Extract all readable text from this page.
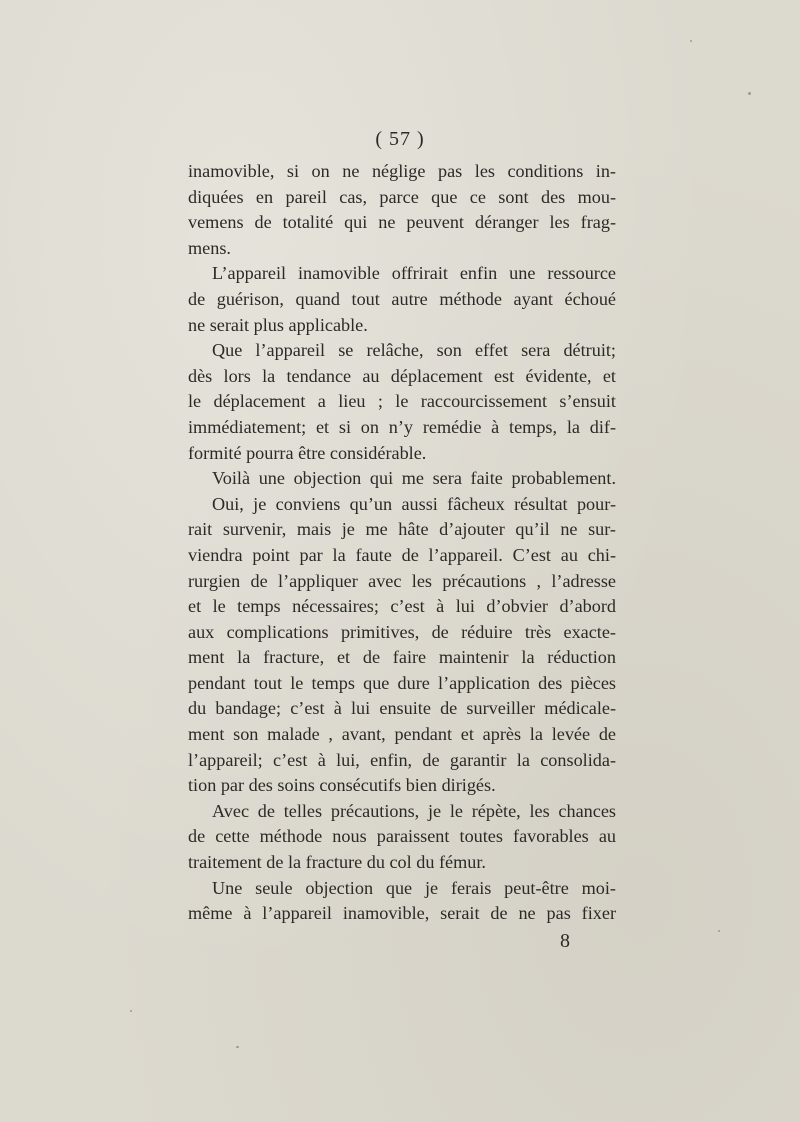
( 57 )
inamovible, si on ne néglige pas les conditions in-
diquées en pareil cas, parce que ce sont des mou-
vemens de totalité qui ne peuvent déranger les frag-
mens.
L’appareil inamovible offrirait enfin une ressource
de guérison, quand tout autre méthode ayant échoué
ne serait plus applicable.
Que l’appareil se relâche, son effet sera détruit;
dès lors la tendance au déplacement est évidente, et
le déplacement a lieu ; le raccourcissement s’ensuit
immédiatement; et si on n’y remédie à temps, la dif-
formité pourra être considérable.
Voilà une objection qui me sera faite probablement.
Oui, je conviens qu’un aussi fâcheux résultat pour-
rait survenir, mais je me hâte d’ajouter qu’il ne sur-
viendra point par la faute de l’appareil. C’est au chi-
rurgien de l’appliquer avec les précautions , l’adresse
et le temps nécessaires; c’est à lui d’obvier d’abord
aux complications primitives, de réduire très exacte-
ment la fracture, et de faire maintenir la réduction
pendant tout le temps que dure l’application des pièces
du bandage; c’est à lui ensuite de surveiller médicale-
ment son malade , avant, pendant et après la levée de
l’appareil; c’est à lui, enfin, de garantir la consolida-
tion par des soins consécutifs bien dirigés.
Avec de telles précautions, je le répète, les chances
de cette méthode nous paraissent toutes favorables au
traitement de la fracture du col du fémur.
Une seule objection que je ferais peut-être moi-
même à l’appareil inamovible, serait de ne pas fixer
8
